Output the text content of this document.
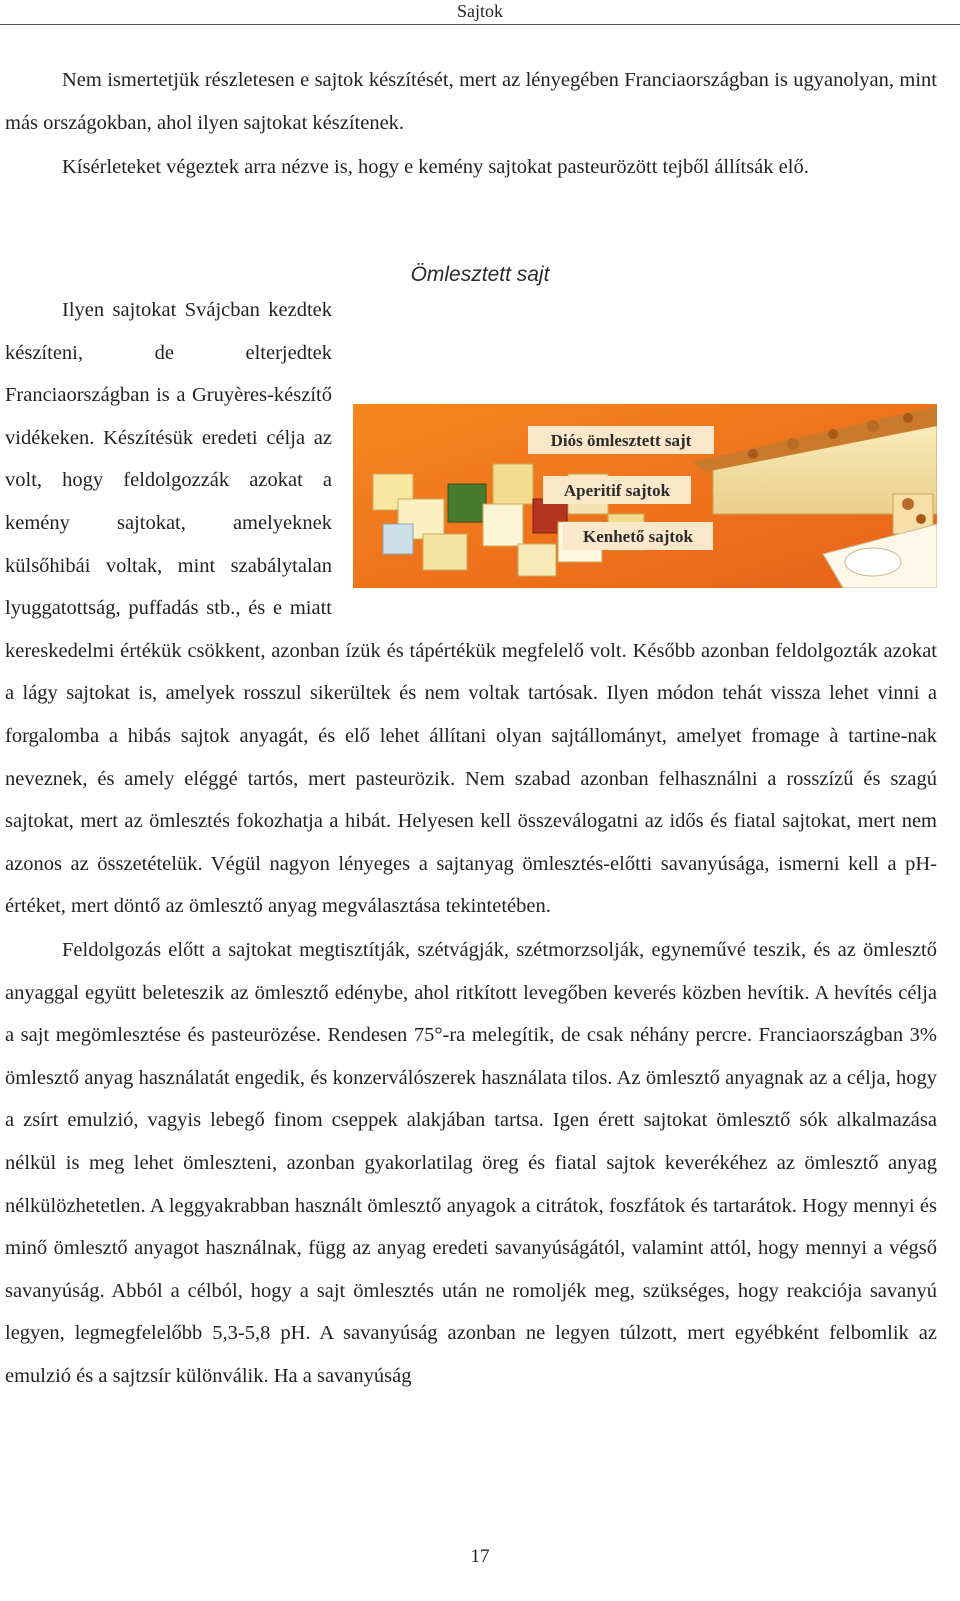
Sajtok

Nem ismertetjük részletesen e sajtok készítését, mert az lényegében Franciaországban is ugyanolyan, mint más országokban, ahol ilyen sajtokat készítenek.

Kísérleteket végeztek arra nézve is, hogy e kemény sajtokat pasteurözött tejből állítsák elő.

Ömlesztett sajt
Diós ömlesztett sajt
Aperitif sajtok
Kenhető sajtok

Ilyen sajtokat Svájcban kezdtek készíteni, de elterjedtek Franciaországban is a Gruyères-készítő vidékeken. Készítésük eredeti célja az volt, hogy feldolgozzák azokat a kemény sajtokat, amelyeknek külsőhibái voltak, mint szabálytalan lyuggatottság, puffadás stb., és e miatt kereskedelmi értékük csökkent, azonban ízük és tápértékük megfelelő volt. Később azonban feldolgozták azokat a lágy sajtokat is, amelyek rosszul sikerültek és nem voltak tartósak. Ilyen módon tehát vissza lehet vinni a forgalomba a hibás sajtok anyagát, és elő lehet állítani olyan sajtállományt, amelyet fromage à tartine-nak neveznek, és amely eléggé tartós, mert pasteurözik. Nem szabad azonban felhasználni a rosszízű és szagú sajtokat, mert az ömlesztés fokozhatja a hibát. Helyesen kell összeválogatni az idős és fiatal sajtokat, mert nem azonos az összetételük. Végül nagyon lényeges a sajtanyag ömlesztés-előtti savanyúsága, ismerni kell a pH-értéket, mert döntő az ömlesztő anyag megválasztása tekintetében.

Feldolgozás előtt a sajtokat megtisztítják, szétvágják, szétmorzsolják, egyneművé teszik, és az ömlesztő anyaggal együtt beleteszik az ömlesztő edénybe, ahol ritkított levegőben keverés közben hevítik. A hevítés célja a sajt megömlesztése és pasteurözése. Rendesen 75°-ra melegítik, de csak néhány percre. Franciaországban 3% ömlesztő anyag használatát engedik, és konzerválószerek használata tilos. Az ömlesztő anyagnak az a célja, hogy a zsírt emulzió, vagyis lebegő finom cseppek alakjában tartsa. Igen érett sajtokat ömlesztő sók alkalmazása nélkül is meg lehet ömleszteni, azonban gyakorlatilag öreg és fiatal sajtok keverékéhez az ömlesztő anyag nélkülözhetetlen. A leggyakrabban használt ömlesztő anyagok a citrátok, foszfátok és tartarátok. Hogy mennyi és minő ömlesztő anyagot használnak, függ az anyag eredeti savanyúságától, valamint attól, hogy mennyi a végső savanyúság. Abból a célból, hogy a sajt ömlesztés után ne romoljék meg, szükséges, hogy reakciója savanyú legyen, legmegfelelőbb 5,3-5,8 pH. A savanyúság azonban ne legyen túlzott, mert egyébként felbomlik az emulzió és a sajtzsír különválik. Ha a savanyúság

17
